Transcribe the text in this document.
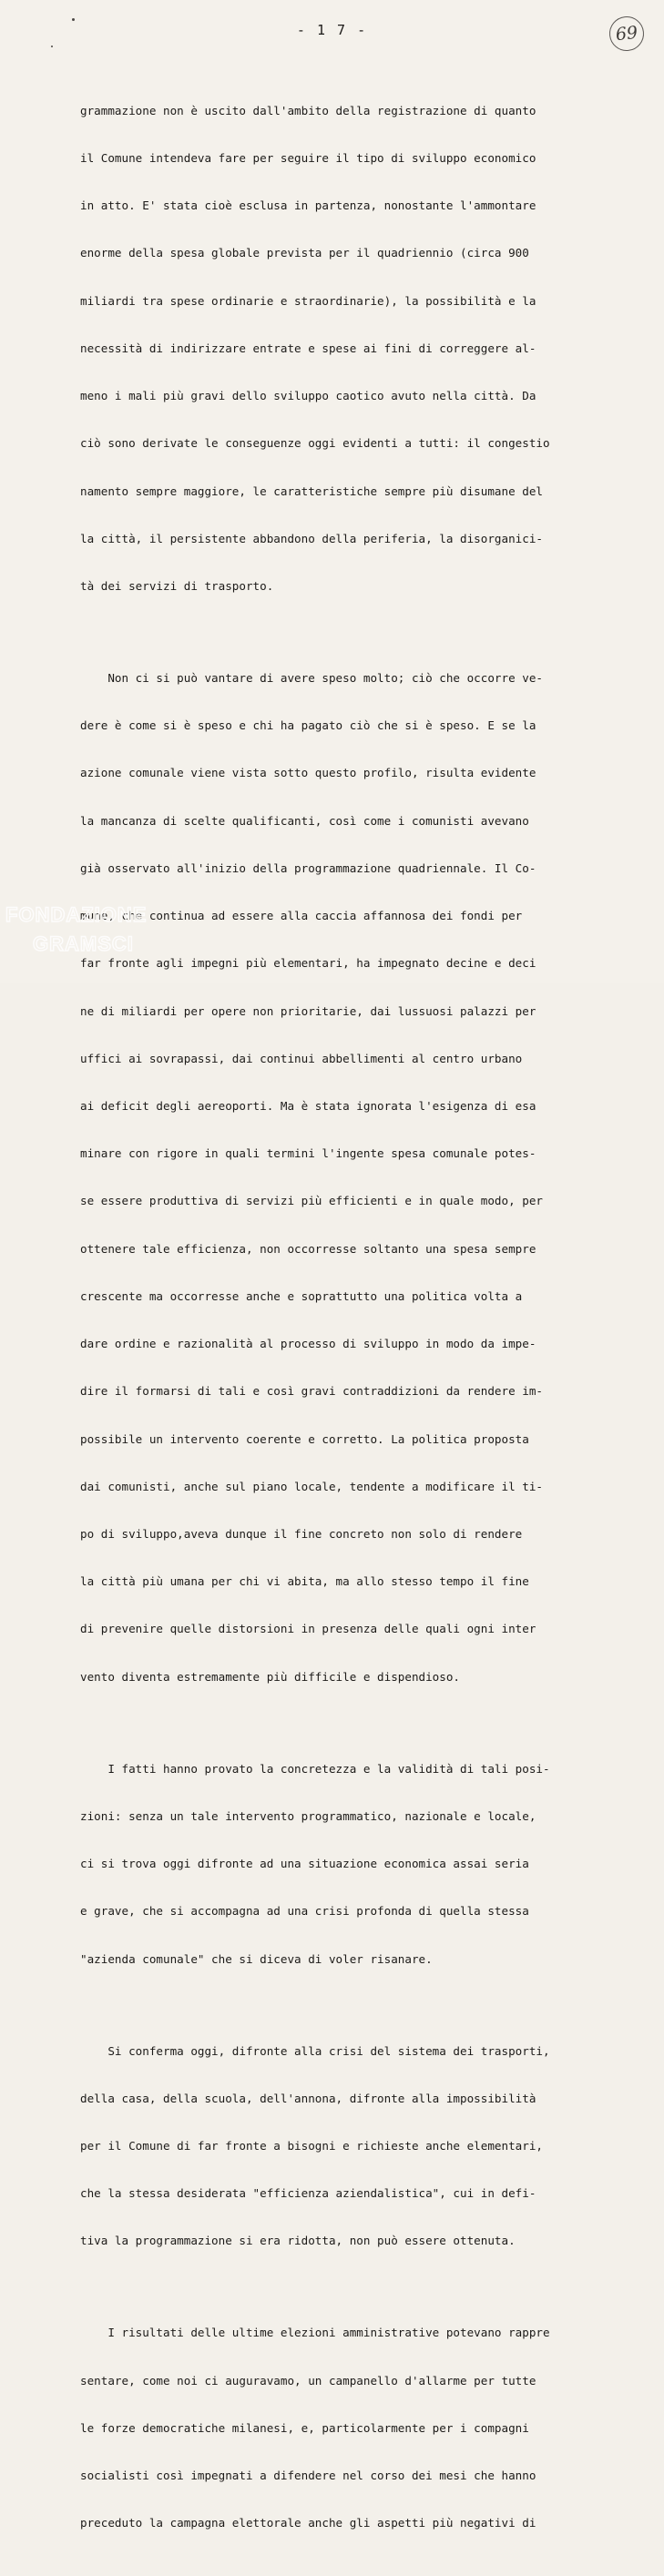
- 1 7 -	69

grammazione non è uscito dall'ambito della registrazione di quanto

il Comune intendeva fare per seguire il tipo di sviluppo economico

in atto. E' stata cioè esclusa in partenza, nonostante l'ammontare

enorme della spesa globale prevista per il quadriennio (circa 900

miliardi tra spese ordinarie e straordinarie), la possibilità e la

necessità di indirizzare entrate e spese ai fini di correggere al-

meno i mali più gravi dello sviluppo caotico avuto nella città. Da

ciò sono derivate le conseguenze oggi evidenti a tutti: il congestio

namento sempre maggiore, le caratteristiche sempre più disumane del

la città, il persistente abbandono della periferia, la disorganici-

tà dei servizi di trasporto.

Non ci si può vantare di avere speso molto; ciò che occorre ve-

dere è come si è speso e chi ha pagato ciò che si è speso. E se la

azione comunale viene vista sotto questo profilo, risulta evidente

la mancanza di scelte qualificanti, così come i comunisti avevano

già osservato all'inizio della programmazione quadriennale. Il Co-

mune, che continua ad essere alla caccia affannosa dei fondi per

far fronte agli impegni più elementari, ha impegnato decine e deci

ne di miliardi per opere non prioritarie, dai lussuosi palazzi per

uffici ai sovrapassi, dai continui abbellimenti al centro urbano

ai deficit degli aereoporti. Ma è stata ignorata l'esigenza di esa

minare con rigore in quali termini l'ingente spesa comunale potes-

se essere produttiva di servizi più efficienti e in quale modo, per

ottenere tale efficienza, non occorresse soltanto una spesa sempre

crescente ma occorresse anche e soprattutto una politica volta a

dare ordine e razionalità al processo di sviluppo in modo da impe-

dire il formarsi di tali e così gravi contraddizioni da rendere im-

possibile un intervento coerente e corretto. La politica proposta

dai comunisti, anche sul piano locale, tendente a modificare il ti-

po di sviluppo,aveva dunque il fine concreto non solo di rendere

la città più umana per chi vi abita, ma allo stesso tempo il fine

di prevenire quelle distorsioni in presenza delle quali ogni inter

vento diventa estremamente più difficile e dispendioso.

I fatti hanno provato la concretezza e la validità di tali posi-

zioni: senza un tale intervento programmatico, nazionale e locale,

ci si trova oggi difronte ad una situazione economica assai seria

e grave, che si accompagna ad una crisi profonda di quella stessa

"azienda comunale" che si diceva di voler risanare.

Si conferma oggi, difronte alla crisi del sistema dei trasporti,

della casa, della scuola, dell'annona, difronte alla impossibilità

per il Comune di far fronte a bisogni e richieste anche elementari,

che la stessa desiderata "efficienza aziendalistica", cui in defi-

tiva la programmazione si era ridotta, non può essere ottenuta.

I risultati delle ultime elezioni amministrative potevano rappre

sentare, come noi ci auguravamo, un campanello d'allarme per tutte

le forze democratiche milanesi, e, particolarmente per i compagni

socialisti così impegnati a difendere nel corso dei mesi che hanno

preceduto la campagna elettorale anche gli aspetti più negativi di

FONDAZIONE
GRAMSCI
